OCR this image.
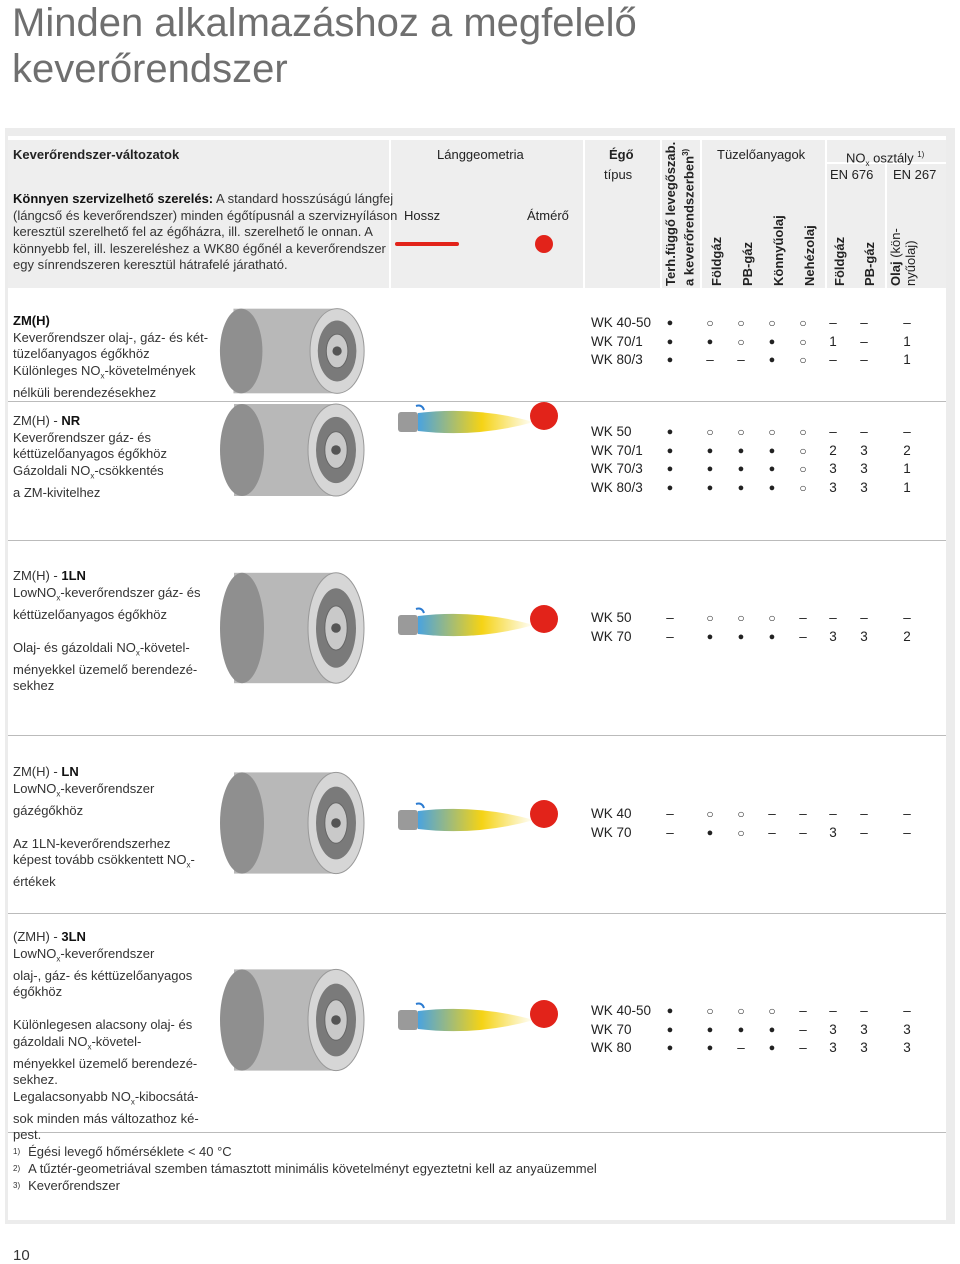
Minden alkalmazáshoz a megfelelő
keverőrendszer
Keverőrendszer-változatok	Lánggeometria	Égő
típus
Tüzelőanyagok	$NO_x$ osztály $^{1)}$
EN 676 EN 267
Könnyen szervizelhető szerelés: A standard hosszúságú lángfej
(lángcső és keverőrendszer) minden égőtípusnál a szervizнyíláson
keresztül szerelhető fel az égőházra, ill. szerelhető le onnan. A
könnyebb fel, ill. leszereléshez a WK80 égőnél a keverőrendszer
egy sínrendszeren keresztül hátrafelé járatható.
Hossz	Átmérő	Terh.függő levegőszab. a keverőrendszerben$^{3)}$
Földgáz PB-gáz Könnyűolaj Nehézolaj Földgáz PB-gáz Olaj (kön- nyűolaj)
ZM(H)
Keverőrendszer olaj-, gáz- és két-
tüzelőanyagos égőkhöz
Különleges $NO_x$-követelmények
nélküli berendezésekhez
WK 40-50	●	○	○	○	○	–	–	–
WK 70/1	●	●	○	●	○	1	–	1
WK 80/3	●	–	–	●	○	–	–	1
ZM(H) - NR
Keverőrendszer gáz- és
kéttüzelőanyagos égőkhöz
Gázoldali $NO_x$-csökkentés
a ZM-kivitelhez
WK 50	●	○	○	○	○	–	–	–
WK 70/1	●	●	●	●	○	2	3	2
WK 70/3	●	●	●	●	○	3	3	1
WK 80/3	●	●	●	●	○	3	3	1
ZM(H) - 1LN
LowNO$_x$-keverőrendszer gáz- és
kéttüzelőanyagos égőkhöz
Olaj- és gázoldali $NO_x-követel-$
ményekkel üzemelő berendezé-
sekhez
WK 50	–	○	○	○	–	–	–	–
WK 70	–	●	●	●	–	3	3	2
ZM(H) - LN
LowNO$_x$-keverőrendszer
gázégőkhöz
Az 1LN-keverőrendszerhez
képest tovább csökkentett $NO_x-$
értékek
WK 40	–	○	○	–	–	–	–	–
WK 70	–	●	○	–	–	3	–	–
(ZMH) - 3LN
LowNO$_x$-keverőrendszer
olaj-, gáz- és kéttüzelőanyagos
égőkhöz
Különlegesen alacsony olaj- és
gázoldali $NO_x-követel-$
ményekkel üzemelő berendezé-
sekhez.
Legalacsonyabb $NO_x-kibocsátá-$
sok minden más változathoz ké-
pest.
WK 40-50	●	○	○	○	–	–	–	–
WK 70	●	●	●	●	–	3	3	3
WK 80	●	●	–	●	–	3	3	3
$^{1)}$ Égési levegő hőmérséklete < 40 °C
$^{2)}$ A tűztér-geometriával szemben támasztott minimális követelményt egyeztetni kell az anyaüzemmel
$^{3)}$ Keverőrendszer
10
